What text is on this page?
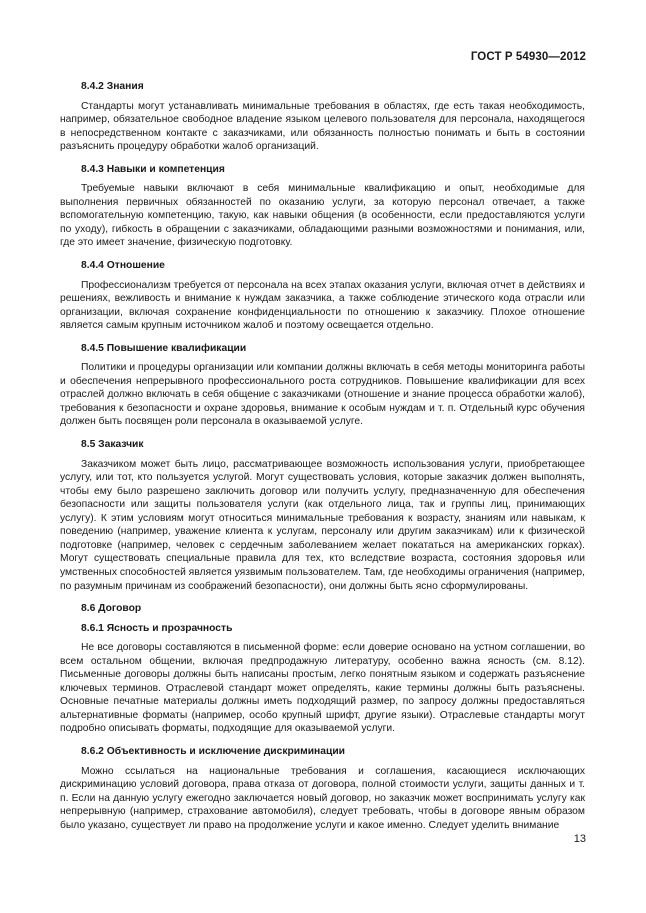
ГОСТ Р 54930—2012
8.4.2 Знания

Стандарты могут устанавливать минимальные требования в областях, где есть такая необходимость, например, обязательное свободное владение языком целевого пользователя для персонала, находящегося в непосредственном контакте с заказчиками, или обязанность полностью понимать и быть в состоянии разъяснить процедуру обработки жалоб организаций.

8.4.3 Навыки и компетенция

Требуемые навыки включают в себя минимальные квалификацию и опыт, необходимые для выполнения первичных обязанностей по оказанию услуги, за которую персонал отвечает, а также вспомогательную компетенцию, такую, как навыки общения (в особенности, если предоставляются услуги по уходу), гибкость в обращении с заказчиками, обладающими разными возможностями и понимания, или, где это имеет значение, физическую подготовку.

8.4.4 Отношение

Профессионализм требуется от персонала на всех этапах оказания услуги, включая отчет в действиях и решениях, вежливость и внимание к нуждам заказчика, а также соблюдение этического кода отрасли или организации, включая сохранение конфиденциальности по отношению к заказчику. Плохое отношение является самым крупным источником жалоб и поэтому освещается отдельно.

8.4.5 Повышение квалификации

Политики и процедуры организации или компании должны включать в себя методы мониторинга работы и обеспечения непрерывного профессионального роста сотрудников. Повышение квалификации для всех отраслей должно включать в себя общение с заказчиками (отношение и знание процесса обработки жалоб), требования к безопасности и охране здоровья, внимание к особым нуждам и т. п. Отдельный курс обучения должен быть посвящен роли персонала в оказываемой услуге.

8.5 Заказчик

Заказчиком может быть лицо, рассматривающее возможность использования услуги, приобретающее услугу, или тот, кто пользуется услугой. Могут существовать условия, которые заказчик должен выполнять, чтобы ему было разрешено заключить договор или получить услугу, предназначенную для обеспечения безопасности или защиты пользователя услуги (как отдельного лица, так и группы лиц, принимающих услугу). К этим условиям могут относиться минимальные требования к возрасту, знаниям или навыкам, к поведению (например, уважение клиента к услугам, персоналу или другим заказчикам) или к физической подготовке (например, человек с сердечным заболеванием желает покататься на американских горках). Могут существовать специальные правила для тех, кто вследствие возраста, состояния здоровья или умственных способностей является уязвимым пользователем. Там, где необходимы ограничения (например, по разумным причинам из соображений безопасности), они должны быть ясно сформулированы.

8.6 Договор
8.6.1 Ясность и прозрачность

Не все договоры составляются в письменной форме: если доверие основано на устном соглашении, во всем остальном общении, включая предпродажную литературу, особенно важна ясность (см. 8.12). Письменные договоры должны быть написаны простым, легко понятным языком и содержать разъяснение ключевых терминов. Отраслевой стандарт может определять, какие термины должны быть разъяснены. Основные печатные материалы должны иметь подходящий размер, по запросу должны предоставляться альтернативные форматы (например, особо крупный шрифт, другие языки). Отраслевые стандарты могут подробно описывать форматы, подходящие для оказываемой услуги.

8.6.2 Объективность и исключение дискриминации

Можно ссылаться на национальные требования и соглашения, касающиеся исключающих дискриминацию условий договора, права отказа от договора, полной стоимости услуги, защиты данных и т. п. Если на данную услугу ежегодно заключается новый договор, но заказчик может воспринимать услугу как непрерывную (например, страхование автомобиля), следует требовать, чтобы в договоре явным образом было указано, существует ли право на продолжение услуги и какое именно. Следует уделить внимание

13
